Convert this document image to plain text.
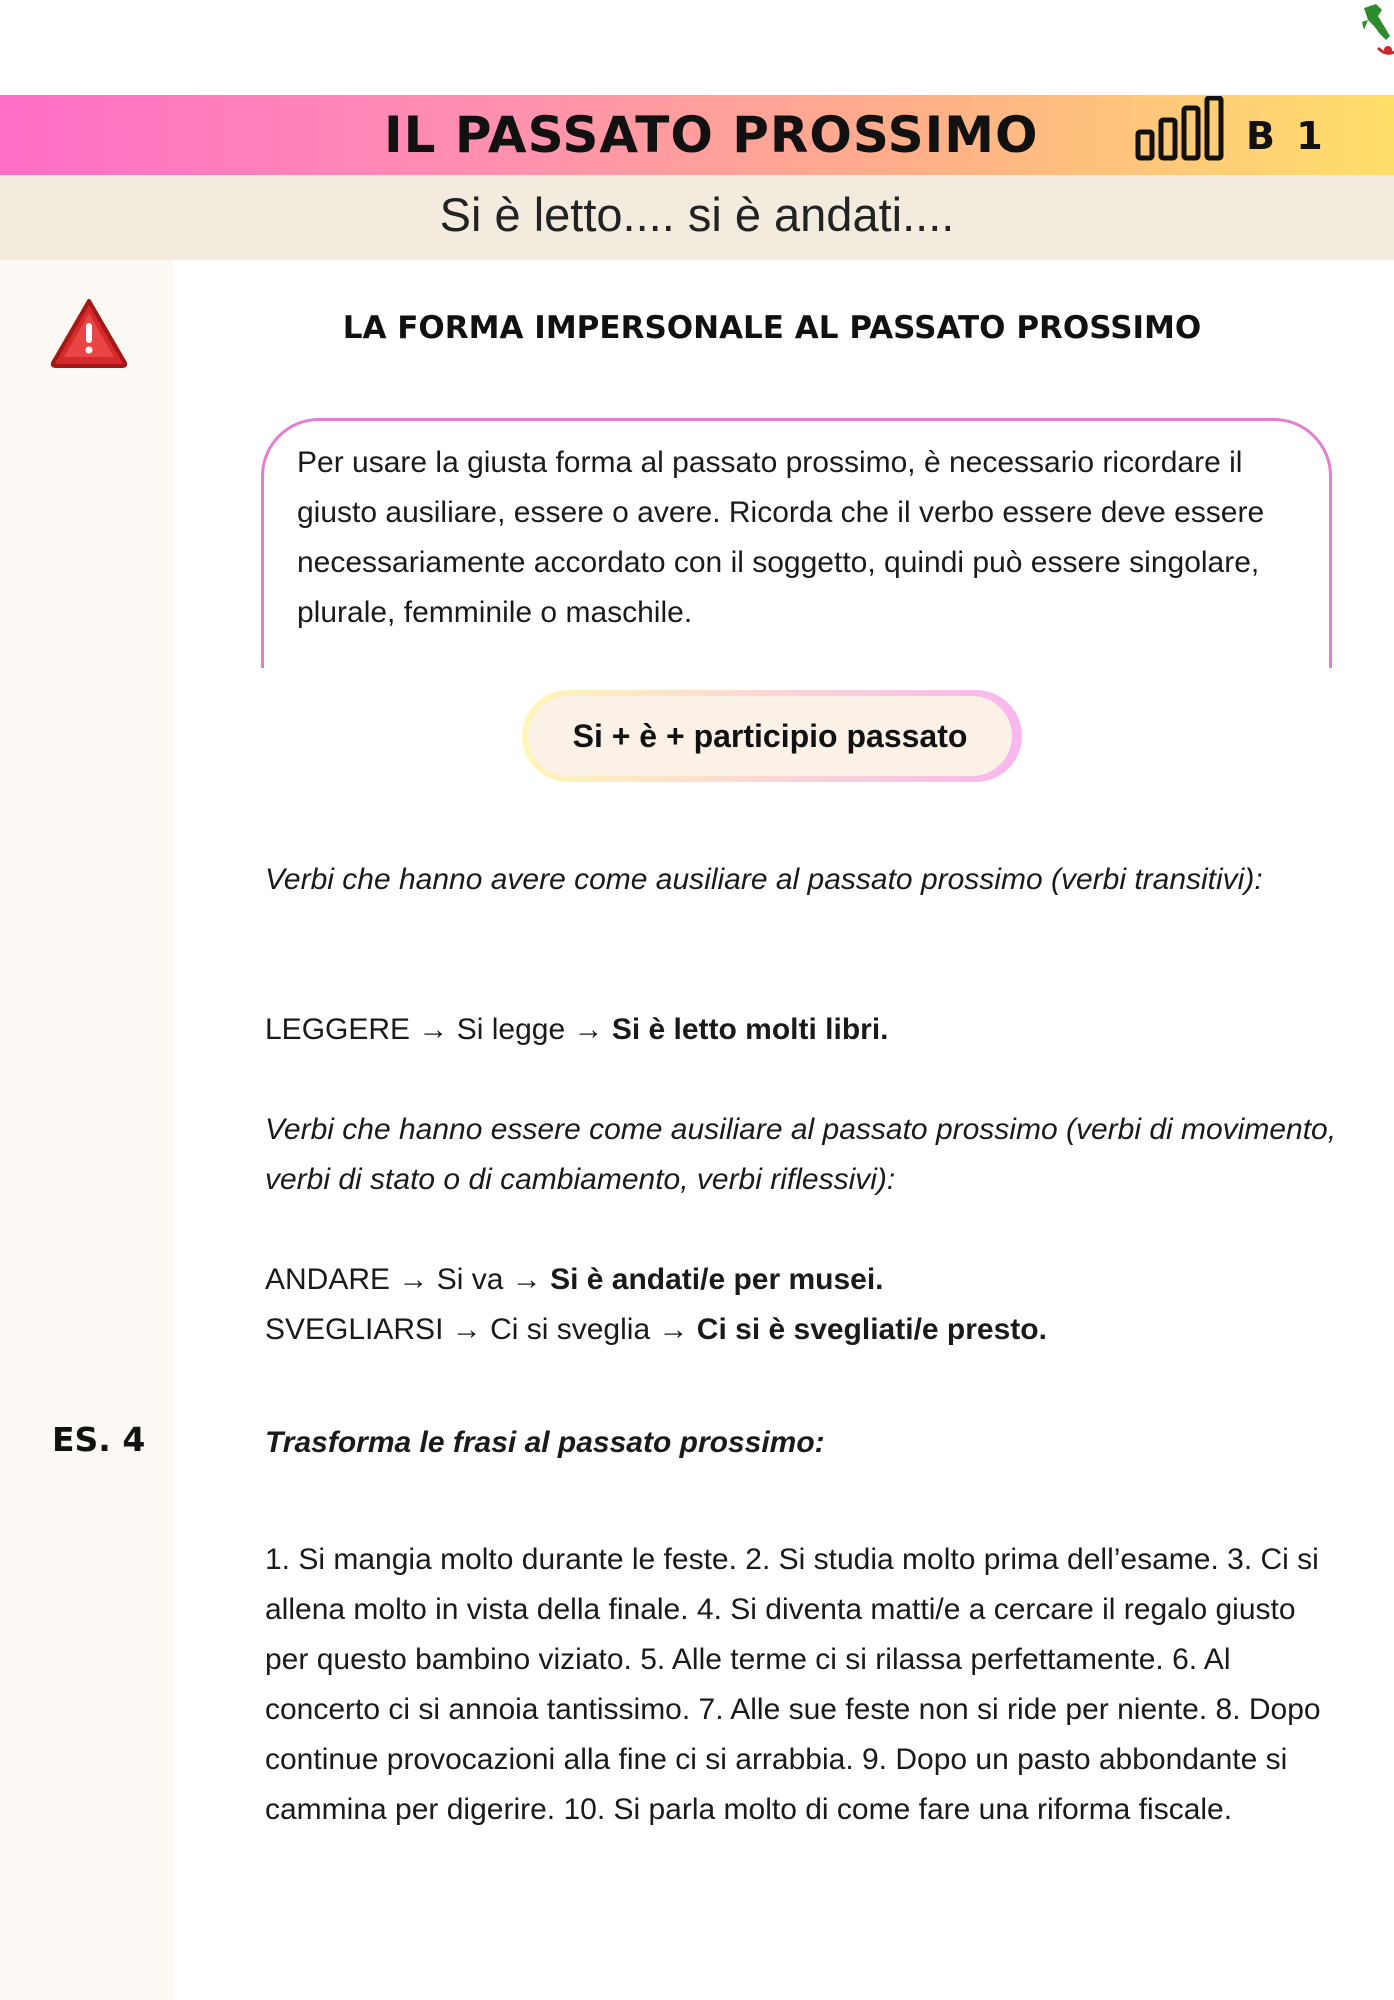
IL PASSATO PROSSIMO	B 1
Si è letto.... si è andati....
LA FORMA IMPERSONALE AL PASSATO PROSSIMO
Per usare la giusta forma al passato prossimo, è necessario ricordare il giusto ausiliare, essere o avere. Ricorda che il verbo essere deve essere necessariamente accordato con il soggetto, quindi può essere singolare, plurale, femminile o maschile.
Si + è + participio passato
Verbi che hanno avere come ausiliare al passato prossimo (verbi transitivi):
LEGGERE → Si legge → Si è letto molti libri.
Verbi che hanno essere come ausiliare al passato prossimo (verbi di movimento, verbi di stato o di cambiamento, verbi riflessivi):
ANDARE → Si va → Si è andati/e per musei.
SVEGLIARSI → Ci si sveglia → Ci si è svegliati/e presto.
ES. 4	Trasforma le frasi al passato prossimo:
1. Si mangia molto durante le feste. 2. Si studia molto prima dell’esame. 3. Ci si allena molto in vista della finale. 4. Si diventa matti/e a cercare il regalo giusto per questo bambino viziato. 5. Alle terme ci si rilassa perfettamente. 6. Al concerto ci si annoia tantissimo. 7. Alle sue feste non si ride per niente. 8. Dopo continue provocazioni alla fine ci si arrabbia. 9. Dopo un pasto abbondante si cammina per digerire. 10. Si parla molto di come fare una riforma fiscale.
